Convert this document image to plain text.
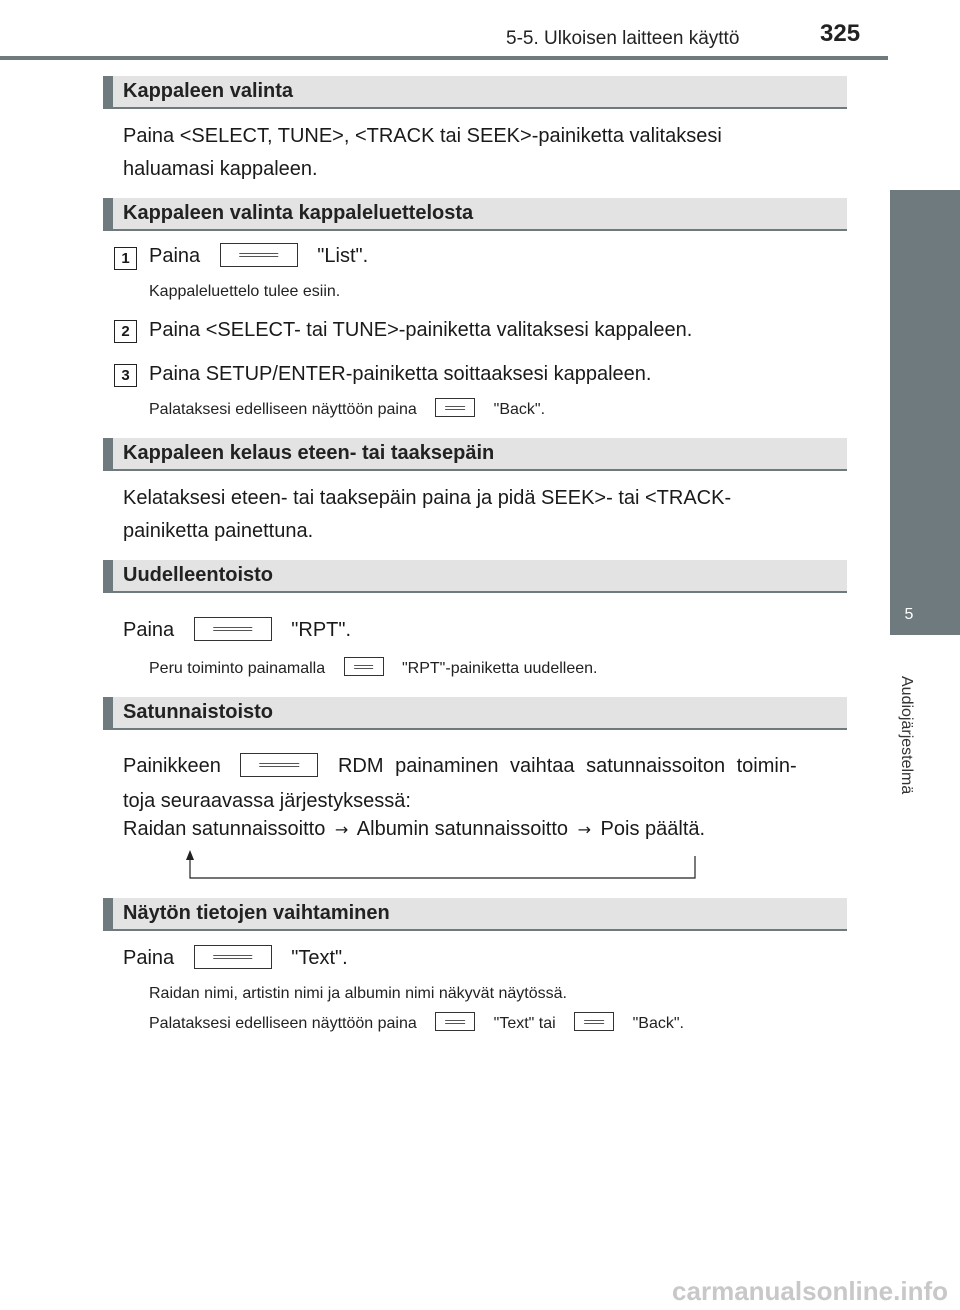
5-5. Ulkoisen laitteen käyttö	325
5
Audiojärjestelmä
Kappaleen valinta
Paina <SELECT, TUNE>, <TRACK tai SEEK>-painiketta valitaksesi
haluamasi kappaleen.
Kappaleen valinta kappaleluettelosta
1 Paina	"List".
Kappaleluettelo tulee esiin.
2 Paina <SELECT- tai TUNE>-painiketta valitaksesi kappaleen.
3 Paina SETUP/ENTER-painiketta soittaaksesi kappaleen.
Palataksesi edelliseen näyttöön paina	"Back".
Kappaleen kelaus eteen- tai taaksepäin
Kelataksesi eteen- tai taaksepäin paina ja pidä SEEK>- tai <TRACK-
painiketta painettuna.
Uudelleentoisto
Paina	"RPT".
Peru toiminto painamalla	"RPT"-painiketta uudelleen.
Satunnaistoisto
Painikkeen	RDM painaminen vaihtaa satunnaissoiton toimin-
toja seuraavassa järjestyksessä:
Raidan satunnaissoitto → Albumin satunnaissoitto → Pois päältä.
Näytön tietojen vaihtaminen
Paina	"Text".
Raidan nimi, artistin nimi ja albumin nimi näkyvät näytössä.
Palataksesi edelliseen näyttöön paina	"Text" tai	"Back".
carmanualsonline.info
